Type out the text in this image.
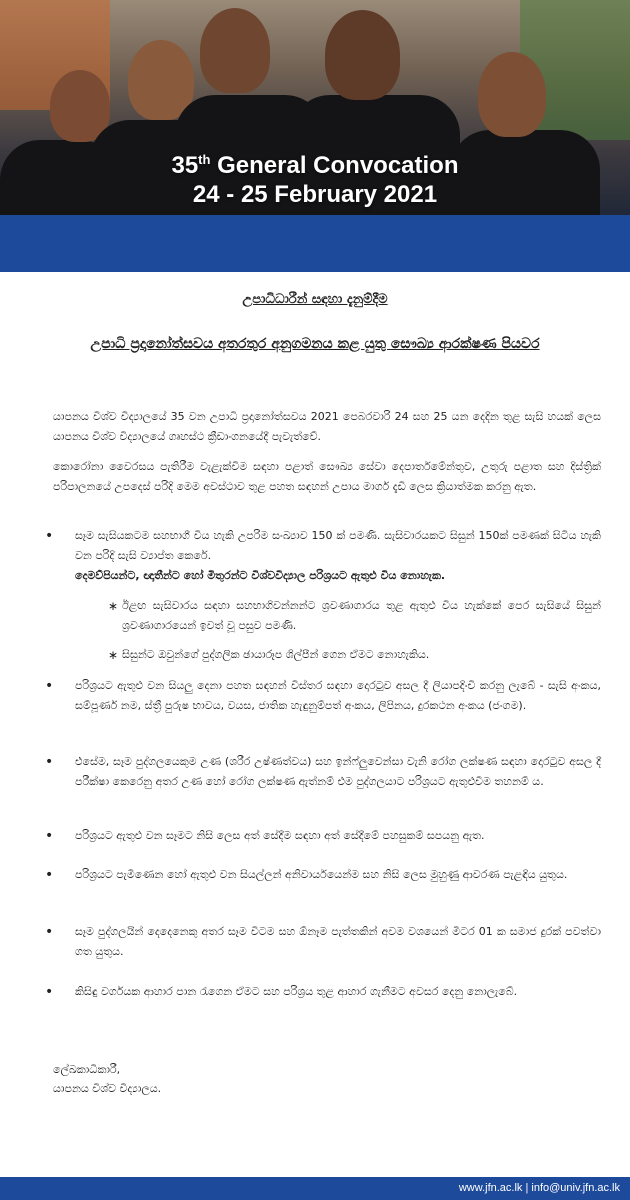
35th General Convocation
24 - 25 February 2021
උපාධිධාරීන් සඳහා දැනුම්දීම
උපාධි ප්‍රදානෝත්සවය අතරතුර අනුගමනය කළ යුතු සෞඛ්‍ය ආරක්ෂණ පියවර
යාපනය විශ්ව විද්‍යාලයේ 35 වන උපාධි ප්‍රදානෝත්සවය 2021 පෙබරවාරි 24 සහ 25 යන දෙදින තුළ සැසි හයක් ලෙස යාපනය විශ්ව විද්‍යාලයේ ගෘහස්ථ ක්‍රීඩාංගනයේදී පැවැත්වේ.
කොරෝනා වෛරසය පැතිරීම වැළැක්වීම සඳහා පළාත් සෞඛ්‍ය සේවා දෙපාර්තමේන්තුව, උතුරු පළාත සහ දිස්ත්‍රික් පරිපාලනයේ උපදෙස් පරිදි මෙම අවස්ථාව තුළ පහත සඳහන් උපාය මාර්ග දැඩි ලෙස ක්‍රියාත්මක කරනු ඇත.
•	සෑම සැසියකටම සහභාගී විය හැකි උපරිම සංඛ්‍යාව 150 ක් පමණි. සැසිවාරයකට සිසුන් 150ක් පමණක් සිටිය හැකි වන පරිදි සැසි ව්‍යාප්ත කෙරේ.
දෙමව්පියන්ට, ඥාතීන්ට හෝ මිතුරන්ට විශ්වවිද්‍යාල පරිශ්‍රයට ඇතුළු විය නොහැක.
∗ ඊළඟ සැසිවාරය සඳහා සහභාගිවන්නන්ට ශ්‍රවණාගාරය තුළ ඇතුළු විය හැක්කේ පෙර සැසියේ සිසුන් ශ්‍රවණාගාරයෙන් ඉවත් වූ පසුව පමණි.
∗ සිසුන්ට ඔවුන්ගේ පුද්ගලික ඡායාරූප ශිල්පීන් ගෙන ඒමට නොහැකිය.
•	පරිශ්‍රයට ඇතුළු වන සියලු දෙනා පහත සඳහන් විස්තර සඳහා දොරටුව අසල දී ලියාපදිංචි කරනු ලැබේ - සැසි අංකය, සම්පූර්ණ නම, ස්ත්‍රී පුරුෂ භාවය, වයස, ජාතික හැඳුනුම්පත් අංකය, ලිපිනය, දුරකථන අංකය (ජංගම).
•	එසේම, සෑම පුද්ගලයෙකුම උණ (ශරීර උෂ්ණත්වය) සහ ඉන්ෆ්ලුවෙන්සා වැනි රෝග ලක්ෂණ සඳහා දොරටුව අසල දී පරීක්ෂා කෙරෙනු අතර උණ හෝ රෝග ලක්ෂණ ඇත්නම් එම පුද්ගලයාට පරිශ්‍රයට ඇතුළුවීම තහනම් ය.
•	පරිශ්‍රයට ඇතුළු වන සෑමට නිසි ලෙස අත් සේදීම සඳහා අත් සේදීමේ පහසුකම් සපයනු ඇත.
•	පරිශ්‍රයට පැමිණෙන හෝ ඇතුළු වන සියල්ලන් අනිවාර්යයෙන්ම සහ නිසි ලෙස මුහුණු ආවරණ පැළඳිය යුතුය.
•	සෑම පුද්ගලයින් දෙදෙනෙකු අතර සෑම විටම සහ ඕනෑම පැත්තකින් අවම වශයෙන් මීටර 01 ක සමාජ දුරක් පවත්වා ගත යුතුය.
•	කිසිඳු වර්ගයක ආහාර පාන රැගෙන ඒමට සහ පරිශ්‍රය තුළ ආහාර ගැනීමට අවසර දෙනු නොලැබේ.
ලේඛකාධිකාරී,
යාපනය විශ්ව විද්‍යාලය.
www.jfn.ac.lk | info@univ.jfn.ac.lk
